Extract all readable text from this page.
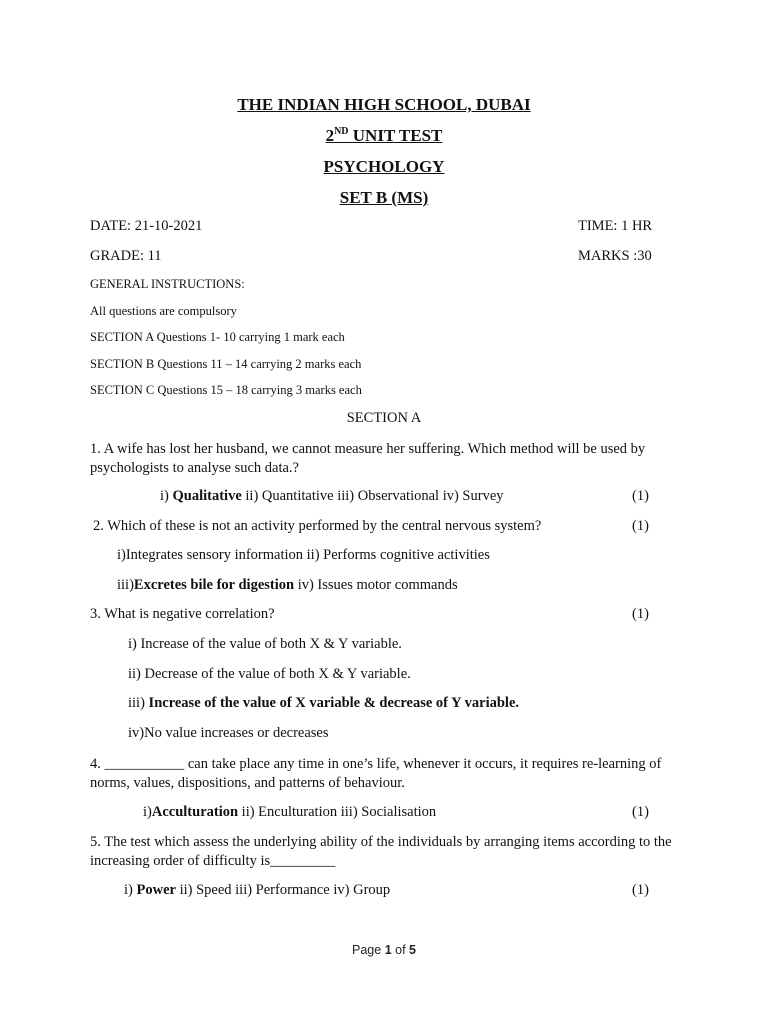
THE INDIAN HIGH SCHOOL, DUBAI
2ND UNIT TEST
PSYCHOLOGY
SET B (MS)
DATE: 21-10-2021	TIME: 1 HR
GRADE: 11	MARKS :30
GENERAL INSTRUCTIONS:
All questions are compulsory
SECTION A Questions 1- 10 carrying 1 mark each
SECTION B Questions 11 – 14 carrying 2 marks each
SECTION C Questions 15 – 18 carrying 3 marks each
SECTION A
1. A wife has lost her husband, we cannot measure her suffering. Which method will be used by psychologists to analyse such data.?
i) Qualitative ii) Quantitative iii) Observational iv) Survey	(1)
2. Which of these is not an activity performed by the central nervous system?	(1)
i)Integrates sensory information ii) Performs cognitive activities
iii)Excretes bile for digestion iv) Issues motor commands
3. What is negative correlation?	(1)
i) Increase of the value of both X & Y variable.
ii) Decrease of the value of both X & Y variable.
iii) Increase of the value of X variable & decrease of Y variable.
iv)No value increases or decreases
4. ___________ can take place any time in one’s life, whenever it occurs, it requires re-learning of norms, values, dispositions, and patterns of behaviour.
i)Acculturation ii) Enculturation iii) Socialisation	(1)
5. The test which assess the underlying ability of the individuals by arranging items according to the increasing order of difficulty is_________
i) Power ii) Speed iii) Performance iv) Group	(1)
Page 1 of 5
